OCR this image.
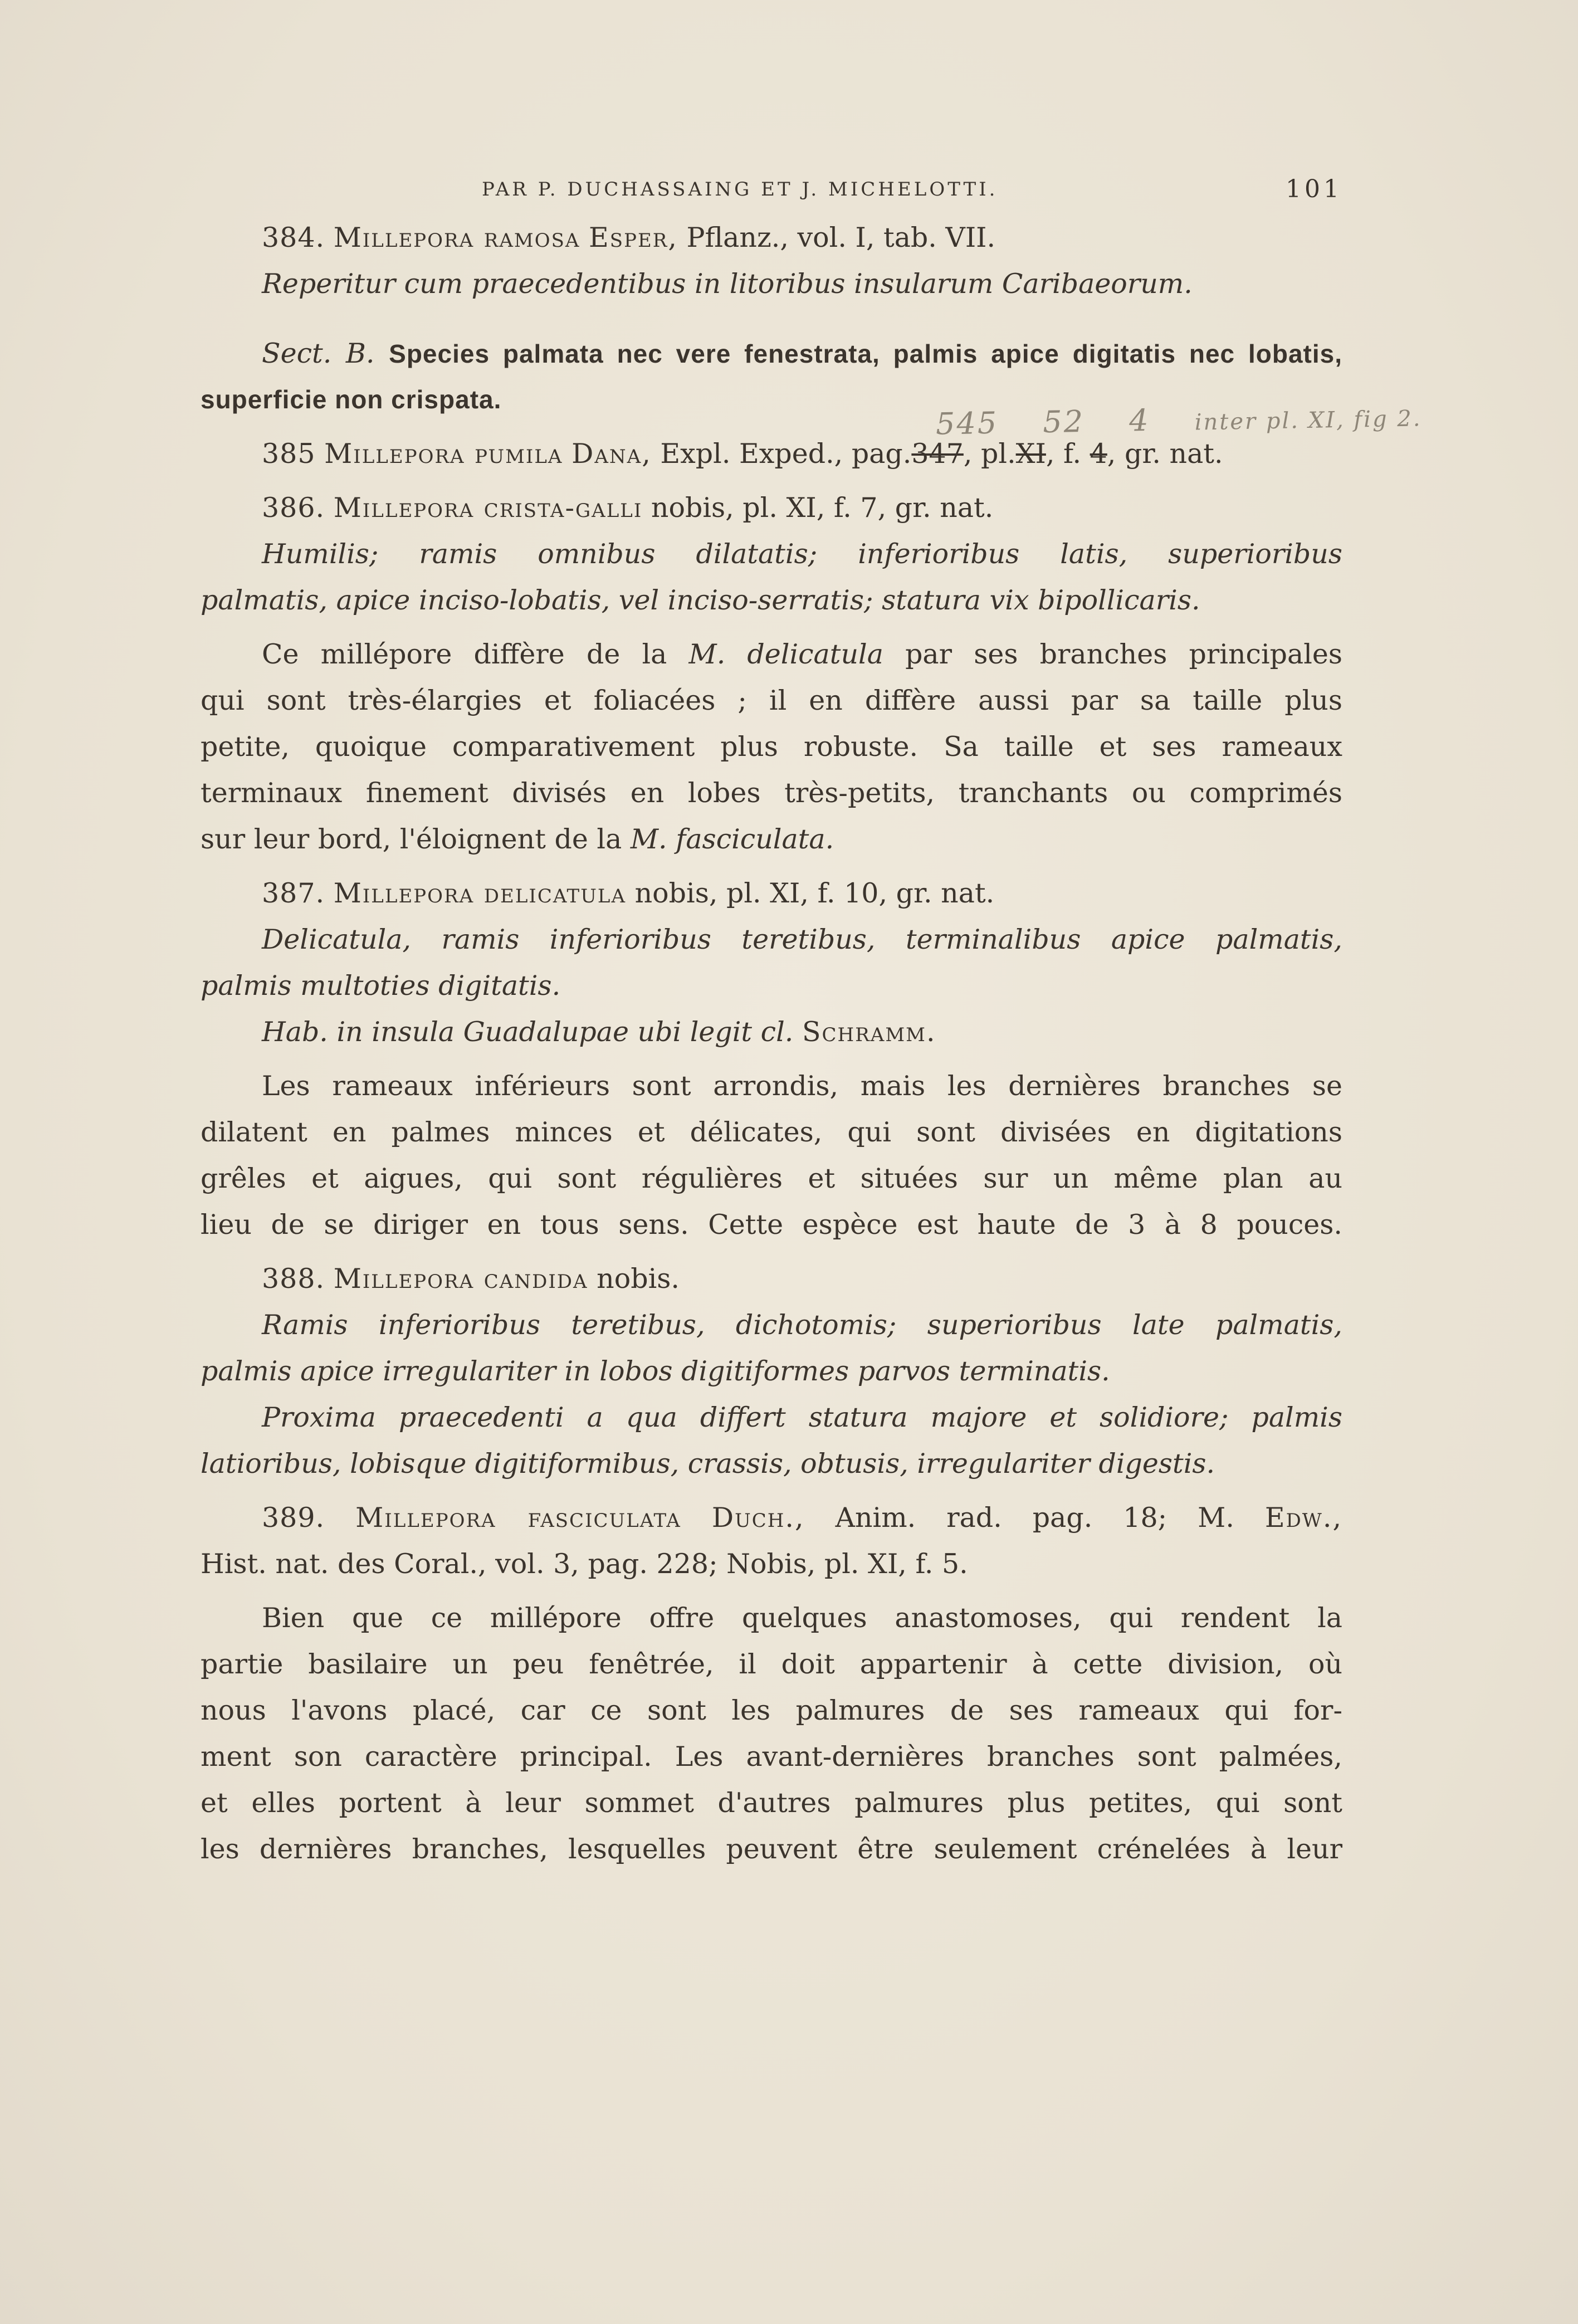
PAR P. DUCHASSAING ET J. MICHELOTTI.	101
545 52 4 inter pl. XI, fig 2.
384. Millepora ramosa Esper, Pflanz., vol. I, tab. VII.
Reperitur cum praecedentibus in litoribus insularum Caribaeorum.
Sect. B. Species palmata nec vere fenestrata, palmis apice digitatis nec lobatis,
superficie non crispata.
385 Millepora pumila Dana, Expl. Exped., pag.347, pl.XI, f. 4, gr. nat.
386. Millepora crista-galli nobis, pl. XI, f. 7, gr. nat.
Humilis; ramis omnibus dilatatis; inferioribus latis, superioribus
palmatis, apice inciso-lobatis, vel inciso-serratis; statura vix bipollicaris.
Ce millépore diffère de la M. delicatula par ses branches principales
qui sont très-élargies et foliacées ; il en diffère aussi par sa taille plus
petite, quoique comparativement plus robuste. Sa taille et ses rameaux
terminaux finement divisés en lobes très-petits, tranchants ou comprimés
sur leur bord, l'éloignent de la M. fasciculata.
387. Millepora delicatula nobis, pl. XI, f. 10, gr. nat.
Delicatula, ramis inferioribus teretibus, terminalibus apice palmatis,
palmis multoties digitatis.
Hab. in insula Guadalupae ubi legit cl. Schramm.
Les rameaux inférieurs sont arrondis, mais les dernières branches se
dilatent en palmes minces et délicates, qui sont divisées en digitations
grêles et aigues, qui sont régulières et situées sur un même plan au
lieu de se diriger en tous sens. Cette espèce est haute de 3 à 8 pouces.
388. Millepora candida nobis.
Ramis inferioribus teretibus, dichotomis; superioribus late palmatis,
palmis apice irregulariter in lobos digitiformes parvos terminatis.
Proxima praecedenti a qua differt statura majore et solidiore; palmis
latioribus, lobisque digitiformibus, crassis, obtusis, irregulariter digestis.
389. Millepora fasciculata Duch., Anim. rad. pag. 18; M. Edw.,
Hist. nat. des Coral., vol. 3, pag. 228; Nobis, pl. XI, f. 5.
Bien que ce millépore offre quelques anastomoses, qui rendent la
partie basilaire un peu fenêtrée, il doit appartenir à cette division, où
nous l'avons placé, car ce sont les palmures de ses rameaux qui for-
ment son caractère principal. Les avant-dernières branches sont palmées,
et elles portent à leur sommet d'autres palmures plus petites, qui sont
les dernières branches, lesquelles peuvent être seulement crénelées à leur
